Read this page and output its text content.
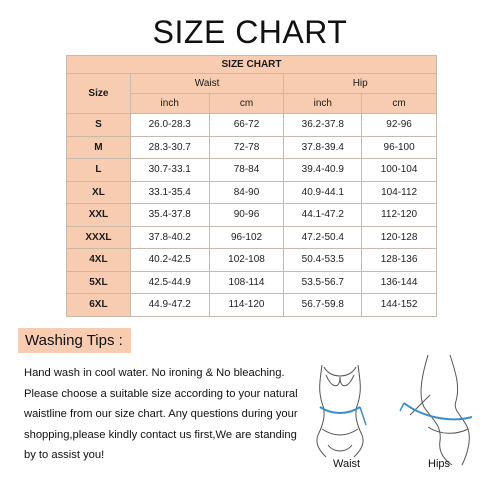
SIZE CHART
SIZE CHART				
Size	Waist		Hip	
	inch	cm	inch	cm
S	26.0-28.3	66-72	36.2-37.8	92-96
M	28.3-30.7	72-78	37.8-39.4	96-100
L	30.7-33.1	78-84	39.4-40.9	100-104
XL	33.1-35.4	84-90	40.9-44.1	104-112
XXL	35.4-37.8	90-96	44.1-47.2	112-120
XXXL	37.8-40.2	96-102	47.2-50.4	120-128
4XL	40.2-42.5	102-108	50.4-53.5	128-136
5XL	42.5-44.9	108-114	53.5-56.7	136-144
6XL	44.9-47.2	114-120	56.7-59.8	144-152
Washing Tips :
Hand wash in cool water. No ironing & No bleaching.
Please choose a suitable size according to your natural
waistline from our size chart. Any questions during your
shopping,please kindly contact us first,We are standing
by to assist you!
Waist	Hips
